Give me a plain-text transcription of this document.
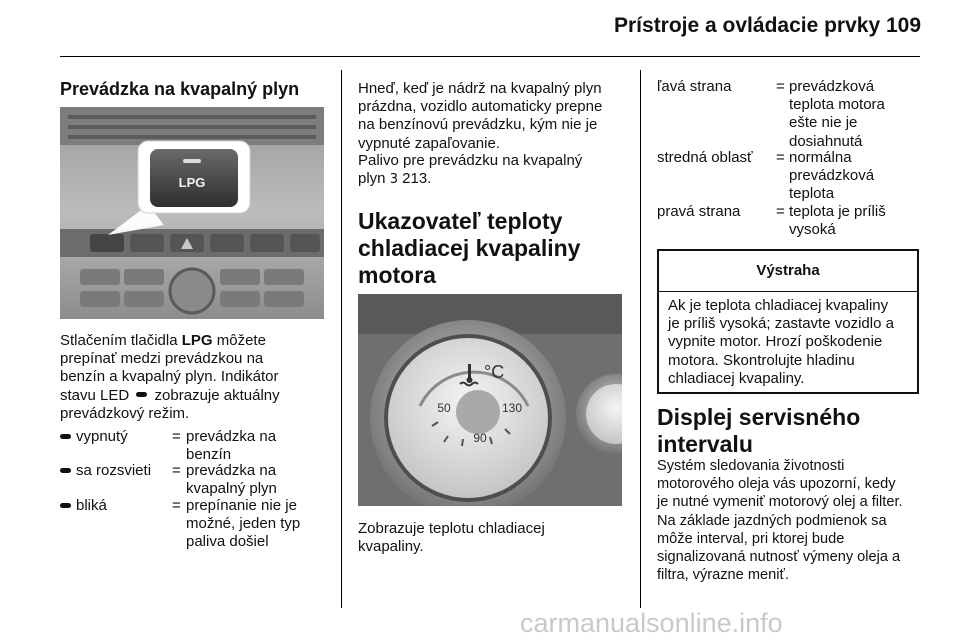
Prístroje a ovládacie prvky 109
Prevádzka na kvapalný plyn
LPG
Stlačením tlačidla LPG môžete
prepínať medzi prevádzkou na
benzín a kvapalný plyn. Indikátor
stavu LED  zobrazuje aktuálny
prevádzkový režim.
vypnutý	= prevádzka na
benzín
sa rozsvieti = prevádzka na
kvapalný plyn
bliká	= prepínanie nie je
možné, jeden typ
paliva došiel
Hneď, keď je nádrž na kvapalný plyn
prázdna, vozidlo automaticky prepne
na benzínovú prevádzku, kým nie je
vypnuté zapaľovanie.
Palivo pre prevádzku na kvapalný
plyn 3 213.
Ukazovateľ teploty
chladiacej kvapaliny
motora
°C
50	130
90
Zobrazuje teplotu chladiacej
kvapaliny.
ľavá strana	= prevádzková
teplota motora
ešte nie je
dosiahnutá
stredná oblasť = normálna
prevádzková
teplota
pravá strana = teplota je príliš
vysoká
Výstraha
Ak je teplota chladiacej kvapaliny
je príliš vysoká; zastavte vozidlo a
vypnite motor. Hrozí poškodenie
motora. Skontrolujte hladinu
chladiacej kvapaliny.
Displej servisného
intervalu
Systém sledovania životnosti
motorového oleja vás upozorní, kedy
je nutné vymeniť motorový olej a filter.
Na základe jazdných podmienok sa
môže interval, pri ktorej bude
signalizovaná nutnosť výmeny oleja a
filtra, výrazne meniť.
carmanualsonline.info
